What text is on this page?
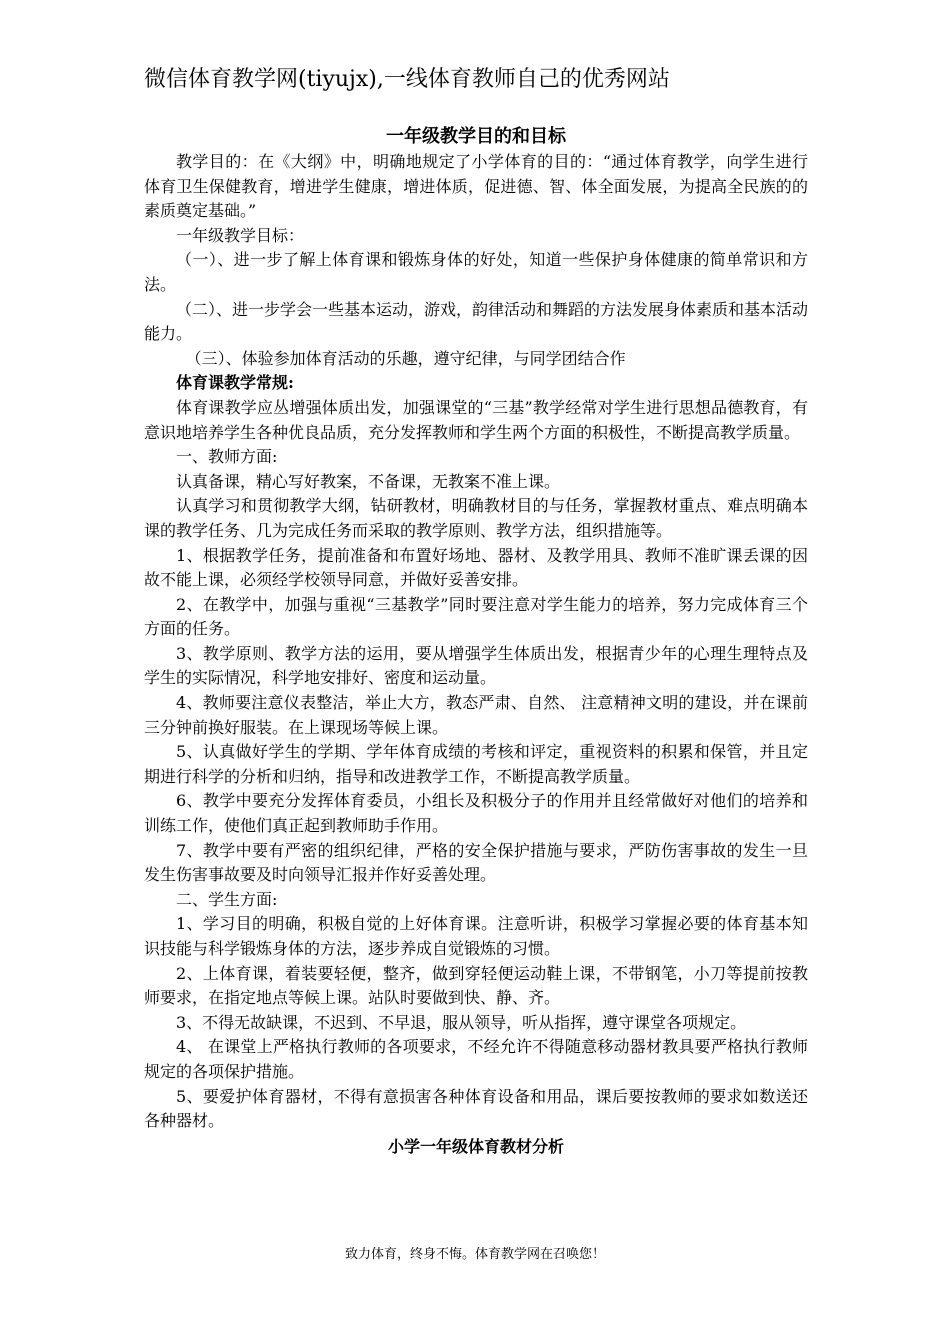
微信体育教学网(tiyujx),一线体育教师自己的优秀网站
一年级教学目的和目标

教学目的：在《大纲》中，明确地规定了小学体育的目的：“通过体育教学，向学生进行体育卫生保健教育，增进学生健康，增进体质，促进德、智、体全面发展，为提高全民族的的素质奠定基础。”

一年级教学目标：

（一）、进一步了解上体育课和锻炼身体的好处，知道一些保护身体健康的简单常识和方法。

（二）、进一步学会一些基本运动，游戏，韵律活动和舞蹈的方法发展身体素质和基本活动能力。

（三）、体验参加体育活动的乐趣，遵守纪律，与同学团结合作

体育课教学常规:

体育课教学应丛增强体质出发，加强课堂的“三基”教学经常对学生进行思想品德教育，有意识地培养学生各种优良品质，充分发挥教师和学生两个方面的积极性，不断提高教学质量。

一、教师方面:

认真备课，精心写好教案，不备课，无教案不准上课。

认真学习和贯彻教学大纲，钻研教材，明确教材目的与任务，掌握教材重点、难点明确本课的教学任务、几为完成任务而采取的教学原则、教学方法，组织措施等。

1、根据教学任务，提前准备和布置好场地、器材、及教学用具、教师不准旷课丢课的因故不能上课，必须经学校领导同意，并做好妥善安排。

2、在教学中，加强与重视“三基教学”同时要注意对学生能力的培养，努力完成体育三个方面的任务。

3、教学原则、教学方法的运用，要从增强学生体质出发，根据青少年的心理生理特点及学生的实际情况，科学地安排好、密度和运动量。

4、教师要注意仪表整洁，举止大方，教态严肃、自然、 注意精神文明的建设，并在课前三分钟前换好服装。在上课现场等候上课。

5、认真做好学生的学期、学年体育成绩的考核和评定，重视资料的积累和保管，并且定期进行科学的分析和归纳，指导和改进教学工作，不断提高教学质量。

6、教学中要充分发挥体育委员，小组长及积极分子的作用并且经常做好对他们的培养和训练工作，使他们真正起到教师助手作用。

7、教学中要有严密的组织纪律，严格的安全保护措施与要求，严防伤害事故的发生一旦发生伤害事故要及时向领导汇报并作好妥善处理。

二、学生方面:

1、学习目的明确，积极自觉的上好体育课。注意听讲，积极学习掌握必要的体育基本知识技能与科学锻炼身体的方法，逐步养成自觉锻炼的习惯。

2、上体育课，着装要轻便，整齐，做到穿轻便运动鞋上课，不带钢笔，小刀等提前按教师要求，在指定地点等候上课。站队时要做到快、静、齐。

3、不得无故缺课，不迟到、不早退，服从领导，听从指挥，遵守课堂各项规定。

4、 在课堂上严格执行教师的各项要求，不经允许不得随意移动器材教具要严格执行教师规定的各项保护措施。

5、要爱护体育器材，不得有意损害各种体育设备和用品，课后要按教师的要求如数送还各种器材。

小学一年级体育教材分析
致力体育，终身不悔。体育教学网在召唤您！
